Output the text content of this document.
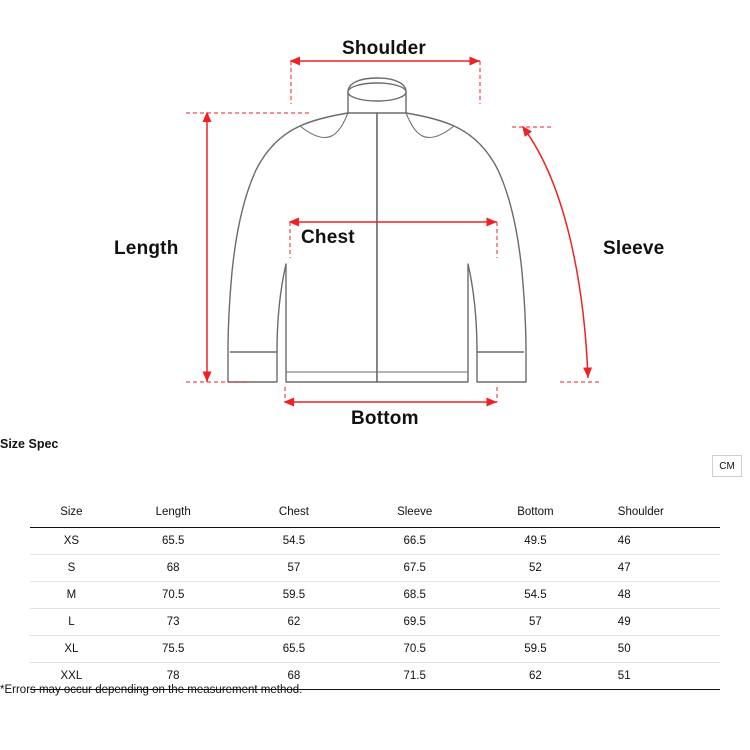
Shoulder
Length
Chest
Sleeve
Bottom
Size Spec
CM
Size	Length	Chest	Sleeve	Bottom	Shoulder
XS	65.5	54.5	66.5	49.5	46
S	68	57	67.5	52	47
M	70.5	59.5	68.5	54.5	48
L	73	62	69.5	57	49
XL	75.5	65.5	70.5	59.5	50
XXL	78	68	71.5	62	51
*Errors may occur depending on the measurement method.
